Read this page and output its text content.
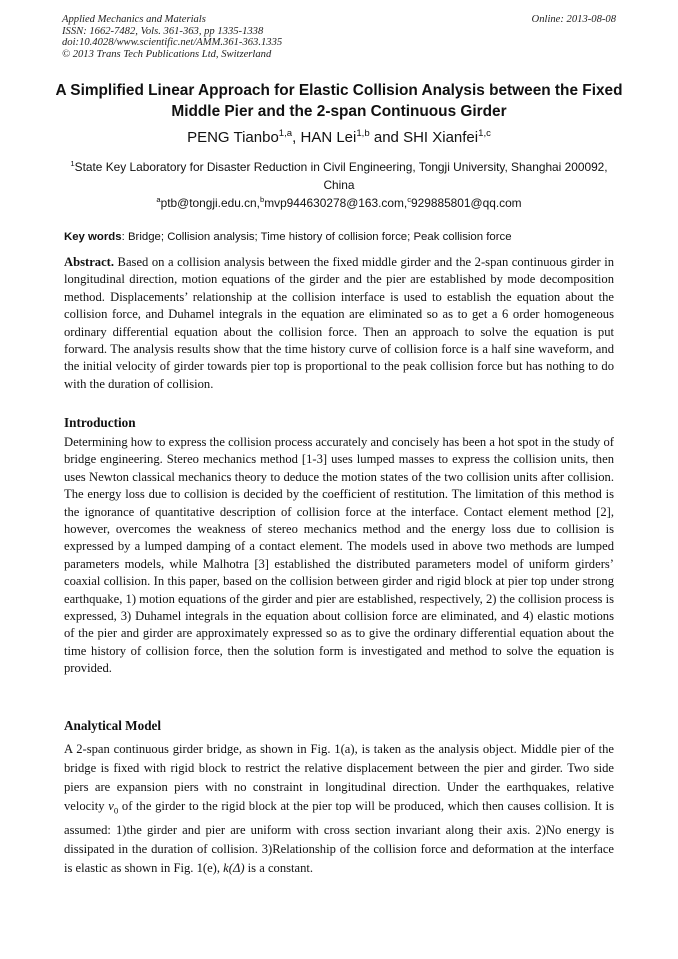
Applied Mechanics and Materials
ISSN: 1662-7482, Vols. 361-363, pp 1335-1338
doi:10.4028/www.scientific.net/AMM.361-363.1335
© 2013 Trans Tech Publications Ltd, Switzerland
Online: 2013-08-08
A Simplified Linear Approach for Elastic Collision Analysis between the Fixed Middle Pier and the 2-span Continuous Girder
PENG Tianbo$^{1,a}$, HAN Lei$^{1,b}$ and SHI Xianfei$^{1,c}$
$^1$State Key Laboratory for Disaster Reduction in Civil Engineering, Tongji University, Shanghai 200092, China
$^a$ptb@tongji.edu.cn,$^b$mvp944630278@163.com,$^c$929885801@qq.com
Key words: Bridge; Collision analysis; Time history of collision force; Peak collision force
Abstract. Based on a collision analysis between the fixed middle girder and the 2-span continuous girder in longitudinal direction, motion equations of the girder and the pier are established by mode decomposition method. Displacements’ relationship at the collision interface is used to establish the equation about the collision force, and Duhamel integrals in the equation are eliminated so as to get a 6 order homogeneous ordinary differential equation about the collision force. Then an approach to solve the equation is put forward. The analysis results show that the time history curve of collision force is a half sine waveform, and the initial velocity of girder towards pier top is proportional to the peak collision force but has nothing to do with the duration of collision.
Introduction
Determining how to express the collision process accurately and concisely has been a hot spot in the study of bridge engineering. Stereo mechanics method [1-3] uses lumped masses to express the collision units, then uses Newton classical mechanics theory to deduce the motion states of the two collision units after collision. The energy loss due to collision is decided by the coefficient of restitution. The limitation of this method is the ignorance of quantitative description of collision force at the interface. Contact element method [2], however, overcomes the weakness of stereo mechanics method and the energy loss due to collision is expressed by a lumped damping of a contact element. The models used in above two methods are lumped parameters models, while Malhotra [3] established the distributed parameters model of uniform girders’ coaxial collision. In this paper, based on the collision between girder and rigid block at pier top under strong earthquake, 1) motion equations of the girder and pier are established, respectively, 2) the collision process is expressed, 3) Duhamel integrals in the equation about collision force are eliminated, and 4) elastic motions of the pier and girder are approximately expressed so as to give the ordinary differential equation about the time history of collision force, then the solution form is investigated and method to solve the equation is provided.
Analytical Model
A 2-span continuous girder bridge, as shown in Fig. 1(a), is taken as the analysis object. Middle pier of the bridge is fixed with rigid block to restrict the relative displacement between the pier and girder. Two side piers are expansion piers with no constraint in longitudinal direction. Under the earthquakes, relative velocity $v_0$ of the girder to the rigid block at the pier top will be produced, which then causes collision. It is assumed: 1)the girder and pier are uniform with cross section invariant along their axis. 2)No energy is dissipated in the duration of collision. 3)Relationship of the collision force and deformation at the interface is elastic as shown in Fig. 1(e), k(Δ) is a constant.
